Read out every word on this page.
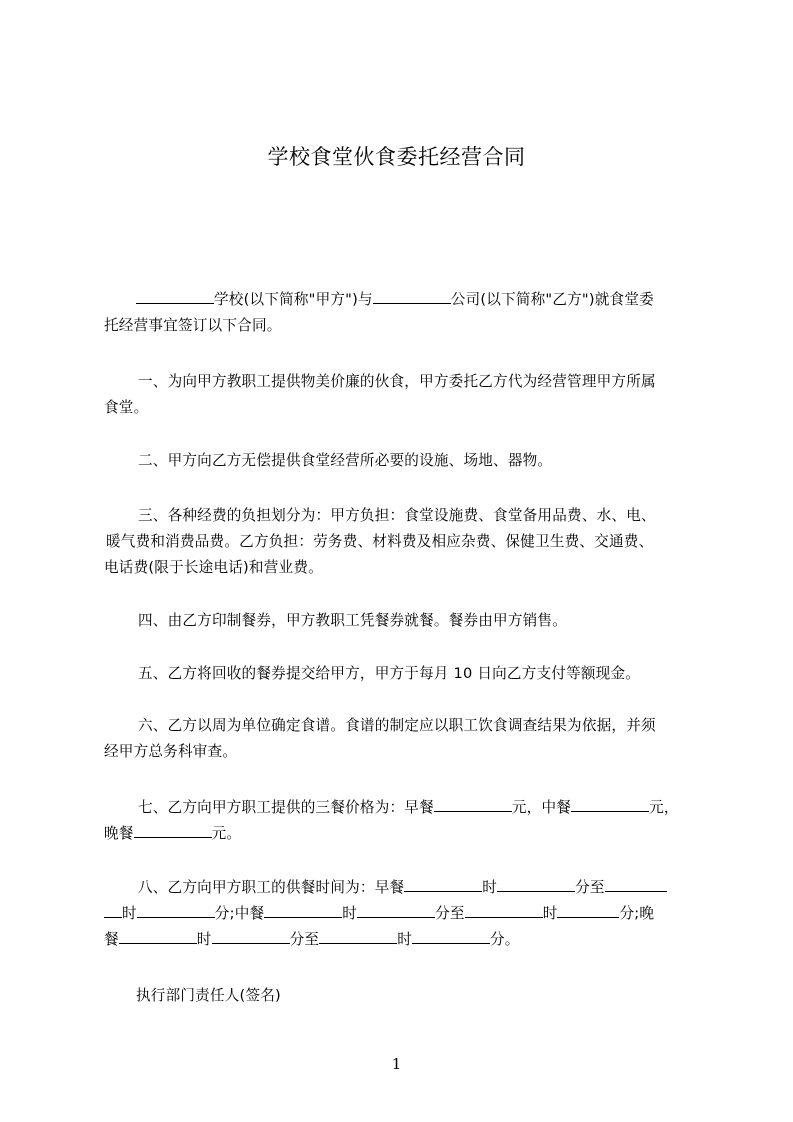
学校食堂伙食委托经营合同
学校(以下简称"甲方")与	公司(以下简称"乙方")就食堂委
托经营事宜签订以下合同。
一、为向甲方教职工提供物美价廉的伙食，甲方委托乙方代为经营管理甲方所属
食堂。
二、甲方向乙方无偿提供食堂经营所必要的设施、场地、器物。
三、各种经费的负担划分为：甲方负担：食堂设施费、食堂备用品费、水、电、
暖气费和消费品费。乙方负担：劳务费、材料费及相应杂费、保健卫生费、交通费、
电话费(限于长途电话)和营业费。
四、由乙方印制餐券，甲方教职工凭餐券就餐。餐券由甲方销售。
五、乙方将回收的餐券提交给甲方，甲方于每月 10 日向乙方支付等额现金。
六、乙方以周为单位确定食谱。食谱的制定应以职工饮食调查结果为依据，并须
经甲方总务科审查。
七、乙方向甲方职工提供的三餐价格为：早餐	元，中餐	元，
晚餐	元。
八、乙方向甲方职工的供餐时间为：早餐	时	分至
时	分;中餐	时	分至	时	分;晚
餐	时	分至	时	分。
执行部门责任人(签名)
1
